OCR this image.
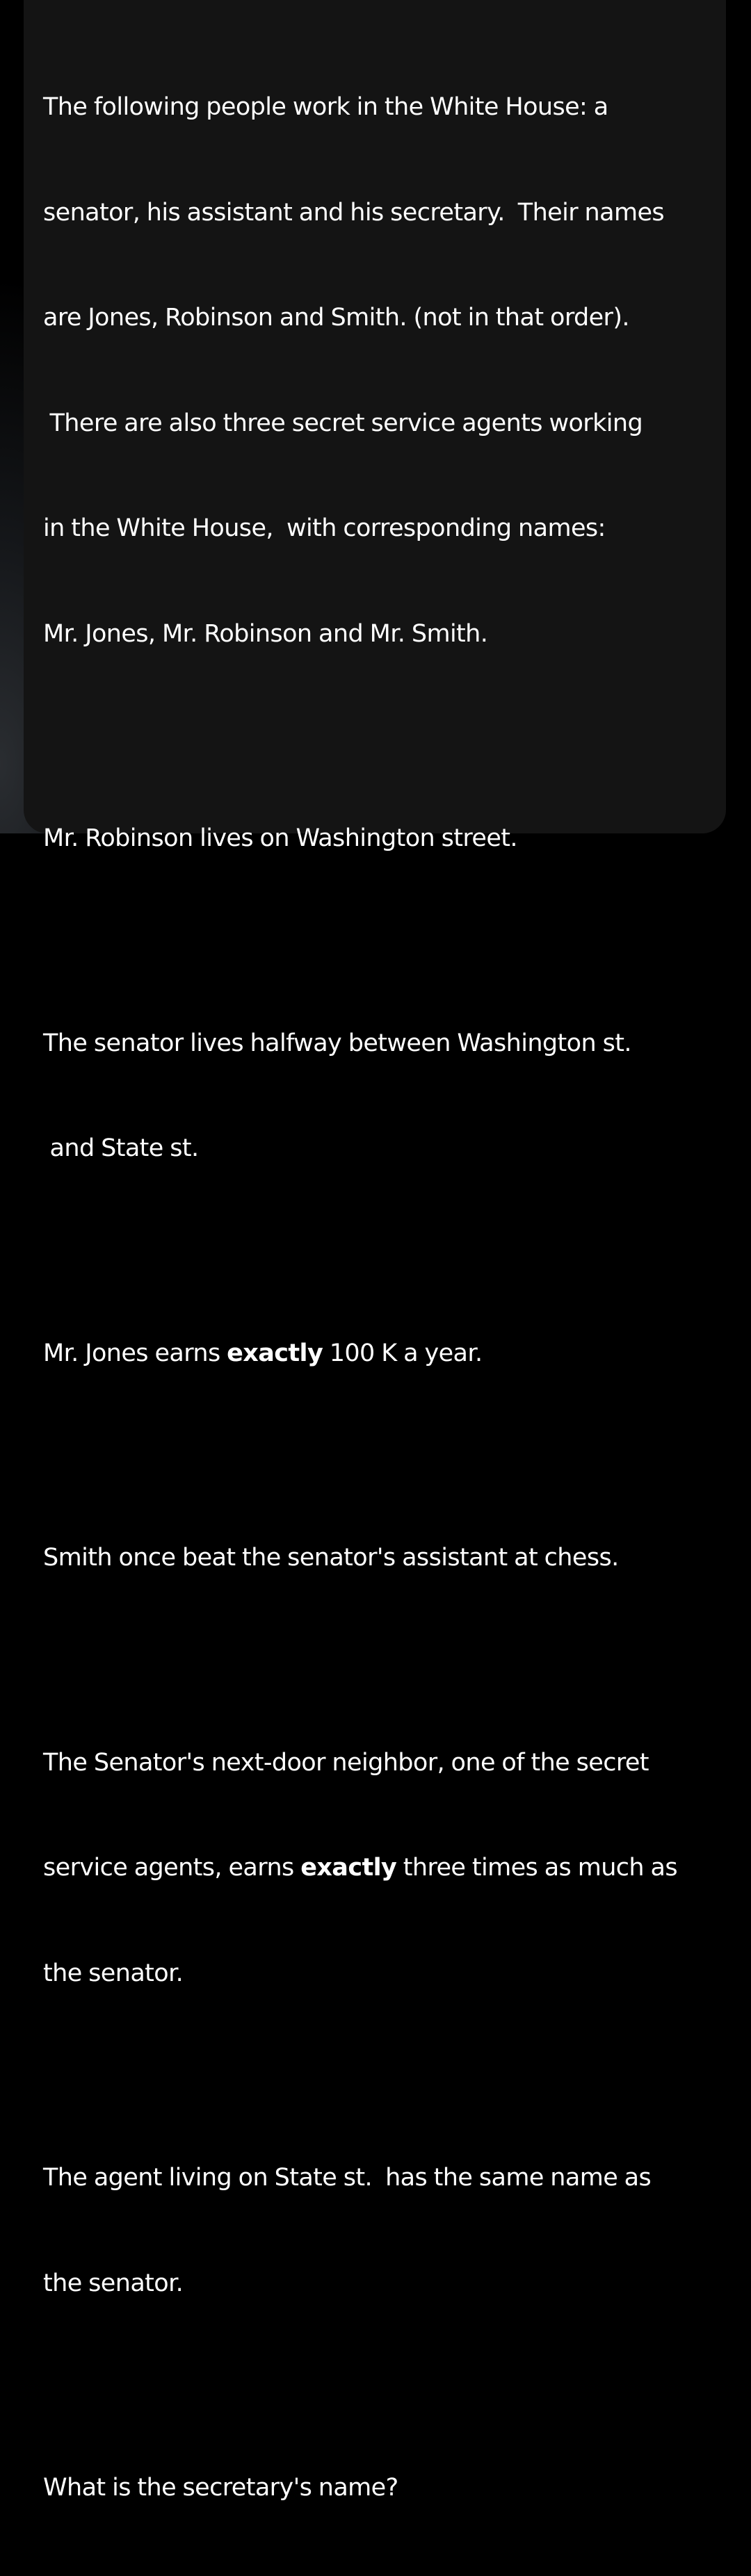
The following people work in the White House: a

senator, his assistant and his secretary.  Their names

are Jones, Robinson and Smith. (not in that order).

There are also three secret service agents working

in the White House,  with corresponding names:

Mr. Jones, Mr. Robinson and Mr. Smith.

Mr. Robinson lives on Washington street.

The senator lives halfway between Washington st.

and State st.

Mr. Jones earns exactly 100 K a year.

Smith once beat the senator's assistant at chess.

The Senator's next-door neighbor, one of the secret

service agents, earns exactly three times as much as

the senator.

The agent living on State st.  has the same name as

the senator.

What is the secretary's name?
